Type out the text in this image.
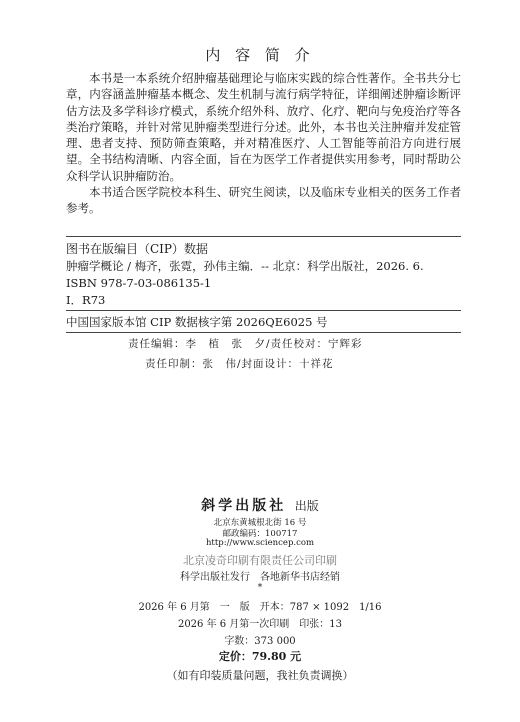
内 容 简 介

本书是一本系统介绍肿瘤基础理论与临床实践的综合性著作。全书共分七章，内容涵盖肿瘤基本概念、发生机制与流行病学特征，详细阐述肿瘤诊断评估方法及多学科诊疗模式，系统介绍外科、放疗、化疗、靶向与免疫治疗等各类治疗策略，并针对常见肿瘤类型进行分述。此外，本书也关注肿瘤并发症管理、患者支持、预防筛查策略，并对精准医疗、人工智能等前沿方向进行展望。全书结构清晰、内容全面，旨在为医学工作者提供实用参考，同时帮助公众科学认识肿瘤防治。

本书适合医学院校本科生、研究生阅读，以及临床专业相关的医务工作者参考。

图书在版编目（CIP）数据
肿瘤学概论 / 梅齐，张霓，孙伟主编．-- 北京：科学出版社，2026. 6.
ISBN 978-7-03-086135-1
Ⅰ．R73
中国国家版本馆 CIP 数据核字第 2026QE6025 号
责任编辑：李　植　张　夕/责任校对：宁辉彩
责任印制：张　伟/封面设计：十祥花
斜学出版社 出版
北京东黄城根北街 16 号
邮政编码：100717
http://www.sciencep.com
北京凌奇印刷有限责任公司印刷
科学出版社发行　各地新华书店经销
*
2026 年 6 月第　一　版　开本：787 × 1092　1/16
2026 年 6 月第一次印刷　印张：13
字数：373 000
定价：79.80 元
（如有印装质量问题，我社负责调换）
